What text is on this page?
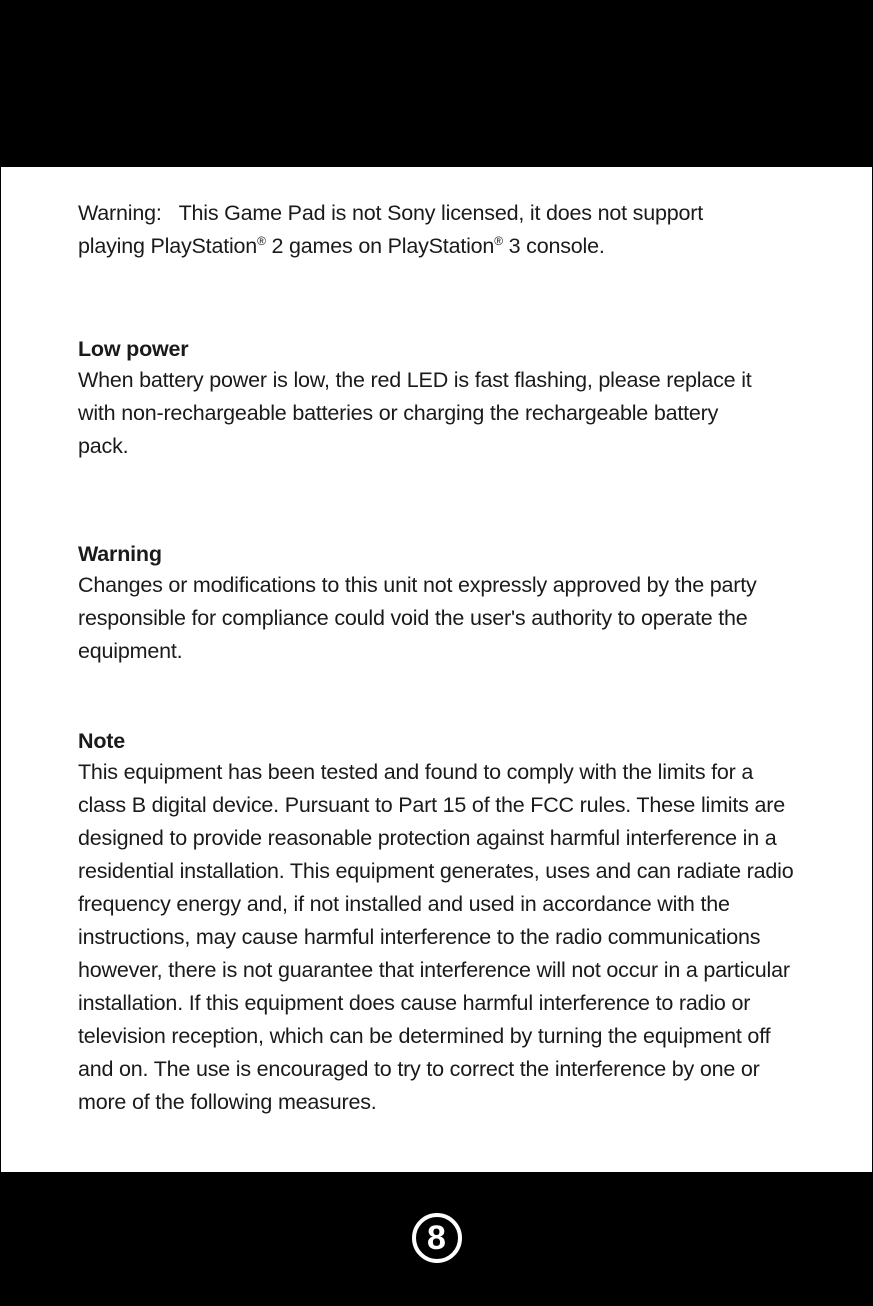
Warning:   This Game Pad is not Sony licensed, it does not support
playing PlayStation® 2 games on PlayStation® 3 console.

Low power

When battery power is low, the red LED is fast flashing, please replace it with non-rechargeable batteries or charging the rechargeable battery pack.

Warning

Changes or modifications to this unit not expressly approved by the party responsible for compliance could void the user's authority to operate the equipment.

Note

This equipment has been tested and found to comply with the limits for a class B digital device. Pursuant to Part 15 of the FCC rules. These limits are designed to provide reasonable protection against harmful interference in a residential installation. This equipment generates, uses and can radiate radio frequency energy and, if not installed and used in accordance with the instructions, may cause harmful interference to the radio communications however, there is not guarantee that interference will not occur in a particular installation. If this equipment does cause harmful interference to radio or television reception, which can be determined by turning the equipment off and on. The use is encouraged to try to correct the interference by one or more of the following measures.

8
